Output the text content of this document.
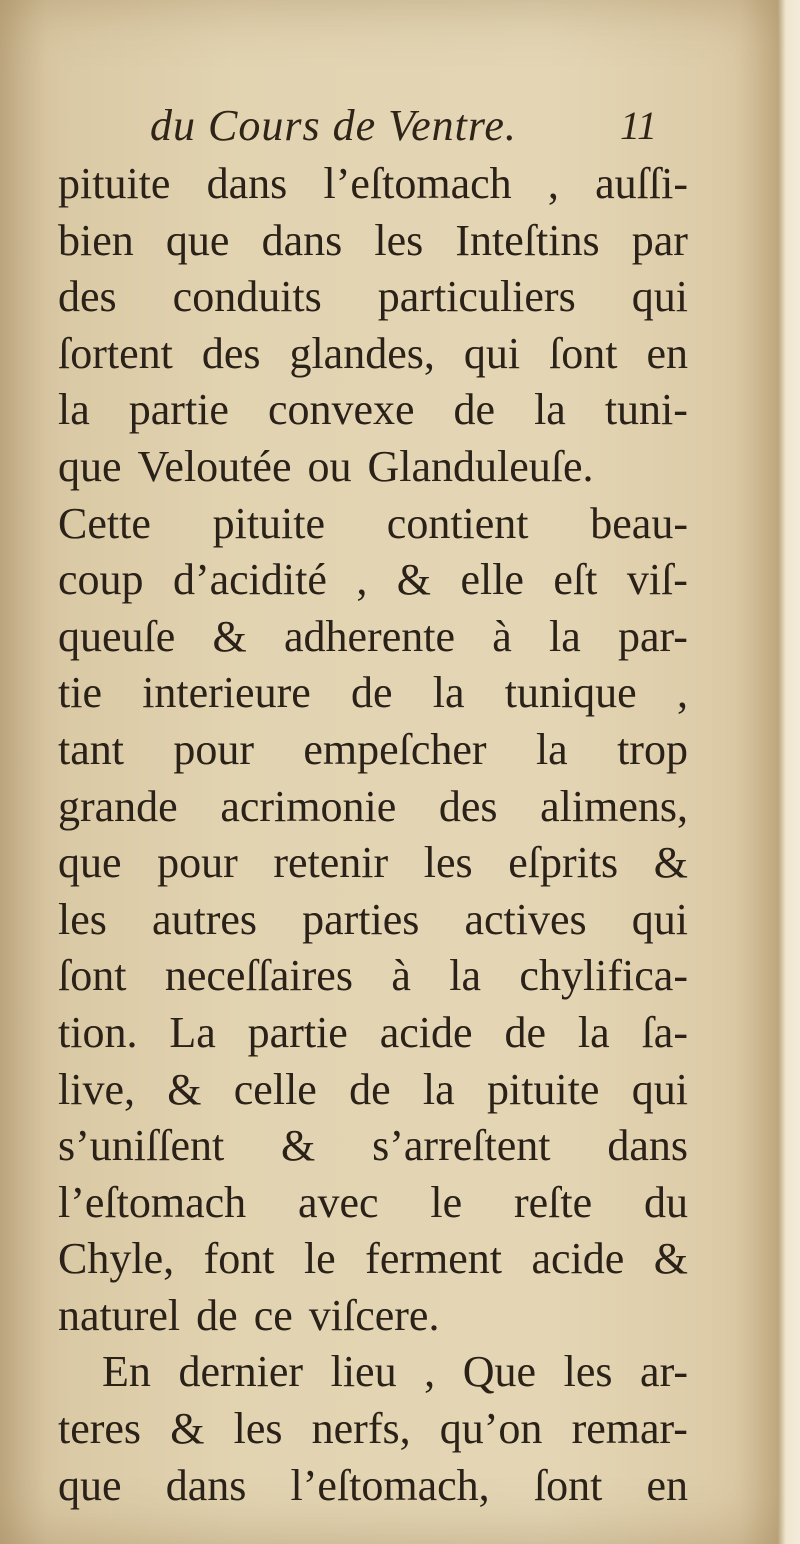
du Cours de Ventre.	11
pituite dans l’eſtomach , auſſi-
bien que dans les Inteſtins par
des conduits particuliers qui
ſortent des glandes, qui ſont en
la partie convexe de la tuni-
que Veloutée ou Glanduleuſe.
Cette pituite contient beau-
coup d’acidité , & elle eſt viſ-
queuſe & adherente à la par-
tie interieure de la tunique ,
tant pour empeſcher la trop
grande acrimonie des alimens,
que pour retenir les eſprits &
les autres parties actives qui
ſont neceſſaires à la chylifica-
tion. La partie acide de la ſa-
live, & celle de la pituite qui
s’uniſſent & s’arreſtent dans
l’eſtomach avec le reſte du
Chyle, font le ferment acide &
naturel de ce viſcere.
En dernier lieu , Que les ar-
teres & les nerfs, qu’on remar-
que dans l’eſtomach, ſont en
